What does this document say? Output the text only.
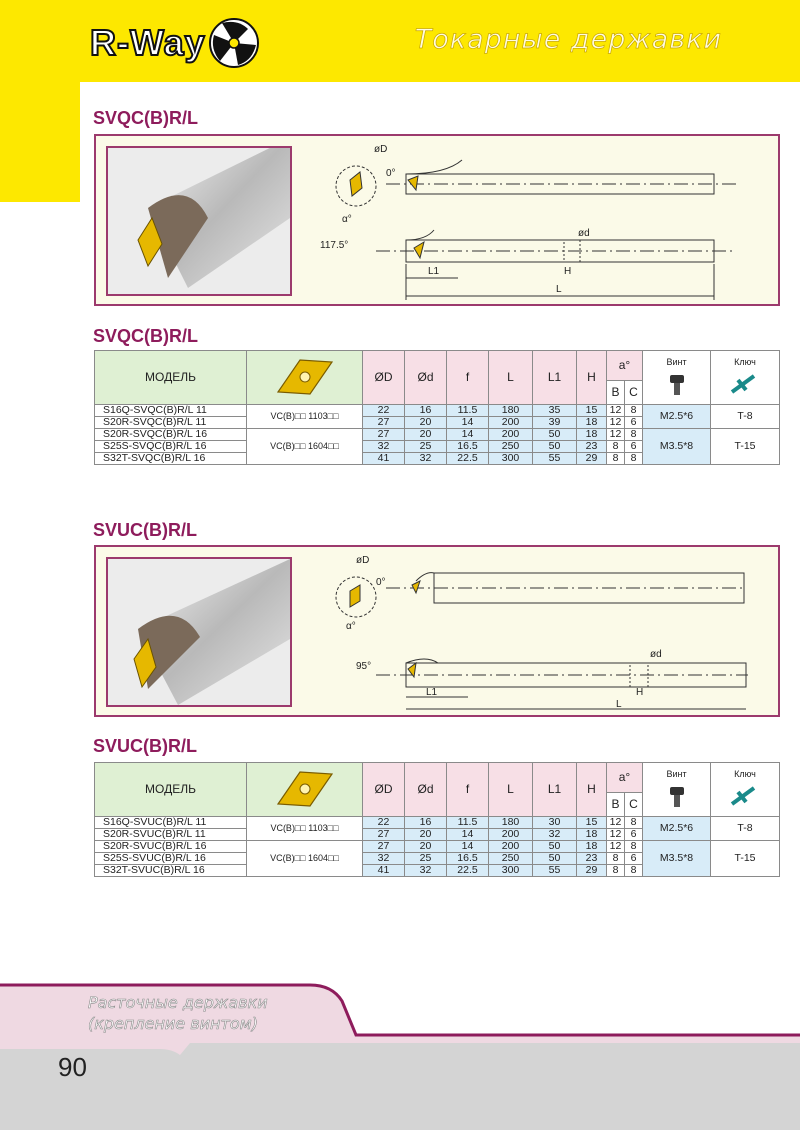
R-Way	Токарные державки
SVQC(B)R/L
øD
0°
α°
117.5°
ød
H
L1
L
SVQC(B)R/L
МОДЕЛЬ		ØD	Ød	f	L	L1	H	a°		Винт	Ключ

								B	C		
S16Q-SVQC(B)R/L 11	VC(B)□□ 1103□□	22	16	11.5	180	35	15	12	8	M2.5*6	T-8
S20R-SVQC(B)R/L 11		27	20	14	200	39	18	12	6		
S20R-SVQC(B)R/L 16	VC(B)□□ 1604□□	27	20	14	200	50	18	12	8	M3.5*8	T-15
S25S-SVQC(B)R/L 16		32	25	16.5	250	50	23	8	6		
S32T-SVQC(B)R/L 16		41	32	22.5	300	55	29	8	8		
SVUC(B)R/L
øD
0°
α°
95°
ød
H
L1
L
SVUC(B)R/L
МОДЕЛЬ		ØD	Ød	f	L	L1	H	a°		Винт	Ключ

								B	C		
S16Q-SVUC(B)R/L 11	VC(B)□□ 1103□□	22	16	11.5	180	30	15	12	8	M2.5*6	T-8
S20R-SVUC(B)R/L 11		27	20	14	200	32	18	12	6		
S20R-SVUC(B)R/L 16	VC(B)□□ 1604□□	27	20	14	200	50	18	12	8	M3.5*8	T-15
S25S-SVUC(B)R/L 16		32	25	16.5	250	50	23	8	6		
S32T-SVUC(B)R/L 16		41	32	22.5	300	55	29	8	8		
Расточные державки
(крепление винтом)
90
